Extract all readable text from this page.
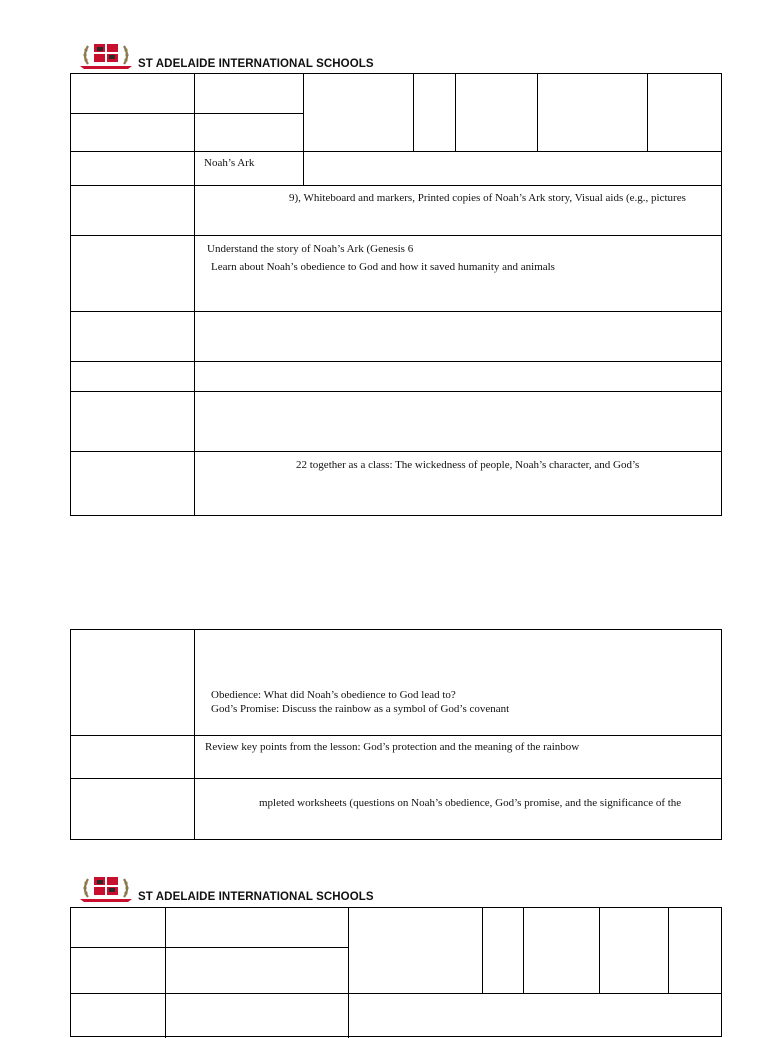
ST ADELAIDE INTERNATIONAL SCHOOLS
Noah’s Ark
9), Whiteboard and markers, Printed copies of Noah’s Ark story, Visual aids (e.g., pictures
Understand the story of Noah’s Ark (Genesis 6
Learn about Noah’s obedience to God and how it saved humanity and animals
22 together as a class: The wickedness of people, Noah’s character, and God’s
Obedience: What did Noah’s obedience to God lead to?
God’s Promise: Discuss the rainbow as a symbol of God’s covenant
Review key points from the lesson: God’s protection and the meaning of the rainbow
mpleted worksheets (questions on Noah’s obedience, God’s promise, and the significance of the
ST ADELAIDE INTERNATIONAL SCHOOLS
